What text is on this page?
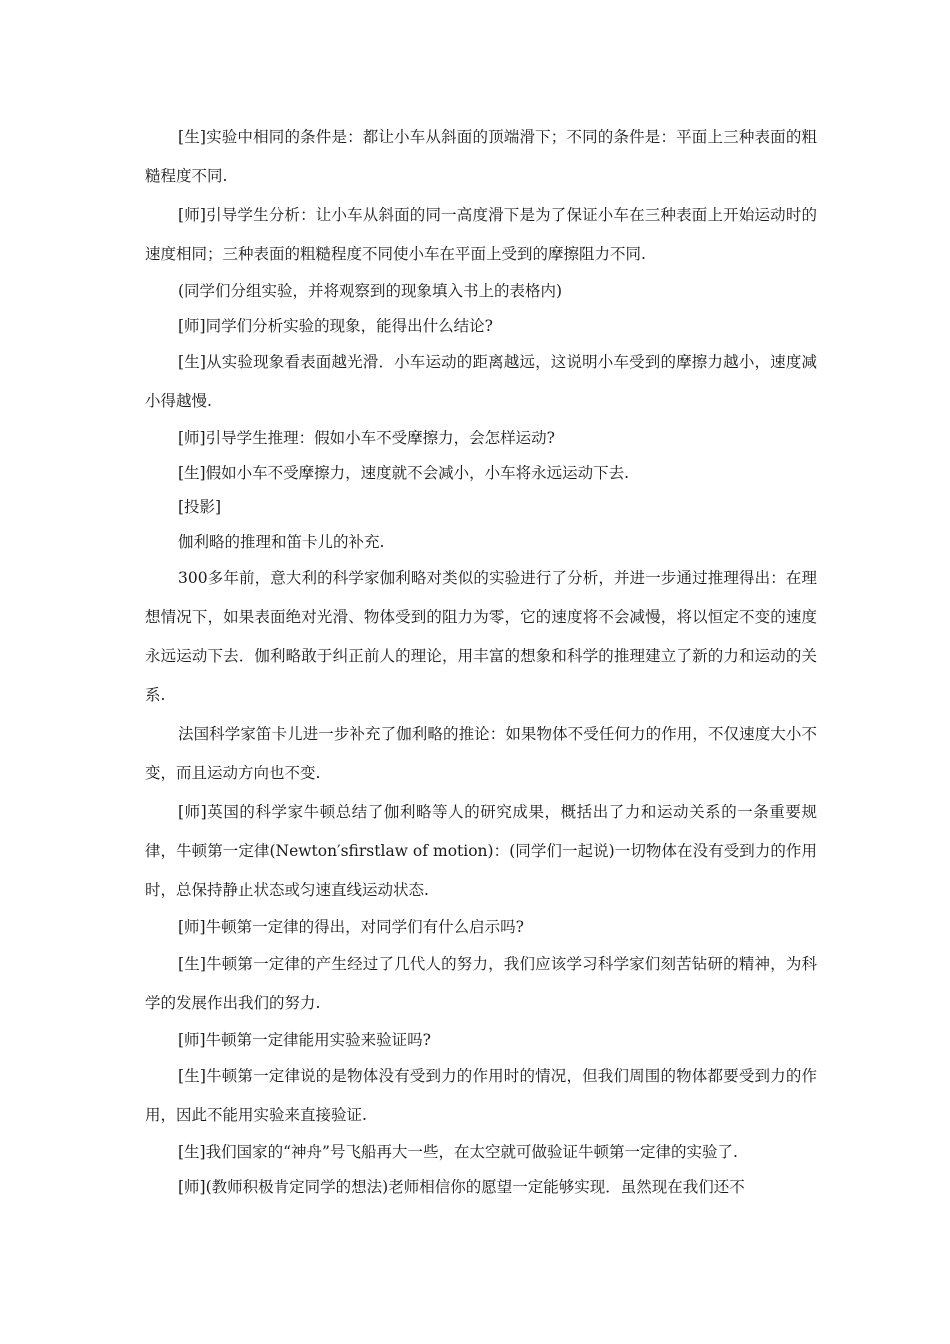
[生]实验中相同的条件是：都让小车从斜面的顶端滑下；不同的条件是：平面上三种表面的粗糙程度不同.

[师]引导学生分析：让小车从斜面的同一高度滑下是为了保证小车在三种表面上开始运动时的速度相同；三种表面的粗糙程度不同使小车在平面上受到的摩擦阻力不同.

(同学们分组实验，并将观察到的现象填入书上的表格内)

[师]同学们分析实验的现象，能得出什么结论?

[生]从实验现象看表面越光滑．小车运动的距离越远，这说明小车受到的摩擦力越小，速度减小得越慢.

[师]引导学生推理：假如小车不受摩擦力，会怎样运动?

[生]假如小车不受摩擦力，速度就不会减小，小车将永远运动下去.

[投影]

伽利略的推理和笛卡儿的补充.

300多年前，意大利的科学家伽利略对类似的实验进行了分析，并进一步通过推理得出：在理想情况下，如果表面绝对光滑、物体受到的阻力为零，它的速度将不会减慢，将以恒定不变的速度永远运动下去．伽利略敢于纠正前人的理论，用丰富的想象和科学的推理建立了新的力和运动的关系.

法国科学家笛卡儿进一步补充了伽利略的推论：如果物体不受任何力的作用，不仅速度大小不变，而且运动方向也不变.

[师]英国的科学家牛顿总结了伽利略等人的研究成果，概括出了力和运动关系的一条重要规律，牛顿第一定律(Newton′sfirstlaw of motion)：(同学们一起说)一切物体在没有受到力的作用时，总保持静止状态或匀速直线运动状态.

[师]牛顿第一定律的得出，对同学们有什么启示吗?

[生]牛顿第一定律的产生经过了几代人的努力，我们应该学习科学家们刻苦钻研的精神，为科学的发展作出我们的努力.

[师]牛顿第一定律能用实验来验证吗?

[生]牛顿第一定律说的是物体没有受到力的作用时的情况，但我们周围的物体都要受到力的作用，因此不能用实验来直接验证.

[生]我们国家的“神舟”号飞船再大一些，在太空就可做验证牛顿第一定律的实验了.

[师](教师积极肯定同学的想法)老师相信你的愿望一定能够实现．虽然现在我们还不
